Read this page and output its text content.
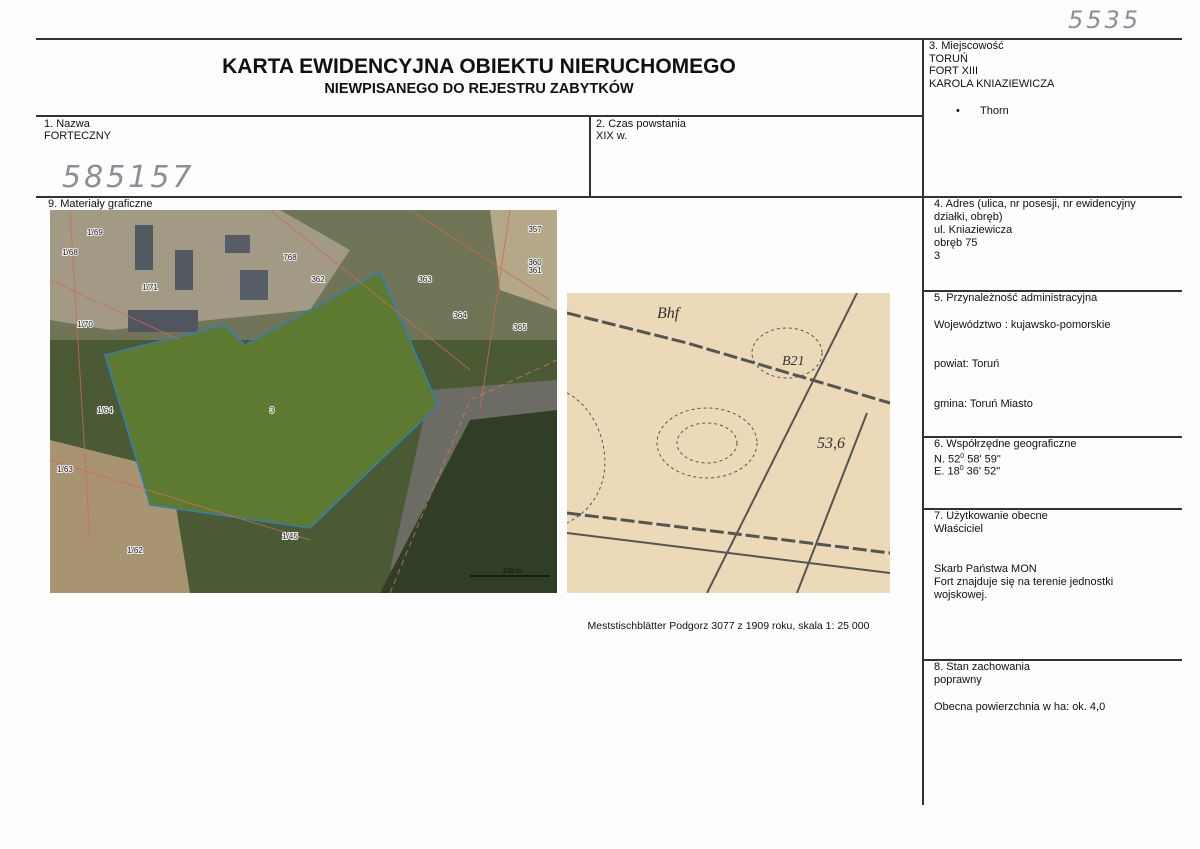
5535
585157
KARTA EWIDENCYJNA OBIEKTU NIERUCHOMEGO
NIEWPISANEGO DO REJESTRU ZABYTKÓW
1. Nazwa
FORTECZNY
2. Czas powstania
XIX w.
3. Miejscowość
TORUŃ
FORT XIII
KAROLA KNIAZIEWICZA
• Thorn
4. Adres (ulica, nr posesji, nr ewidencyjny działki, obręb)
ul. Kniaziewicza
obręb 75
3
5. Przynależność administracyjna
Województwo : kujawsko-pomorskie
powiat: Toruń
gmina: Toruń Miasto
6. Współrzędne geograficzne
N. $52^0$ 58' 59"
E. $18^0$ 36' 52"
7. Użytkowanie obecne
Właściciel
Skarb Państwa MON
Fort znajduje się na terenie jednostki wojskowej.
8. Stan zachowania
poprawny
Obecna powierzchnia w ha: ok. 4,0
9. Materiały graficzne
1/69
1/68
768
357
360
361
363
362
1/71
1/70
364
365
3
1/64
1/63
1/45
1/62
100 m
Bhf
B21
53,6
Meststischblätter Podgorz 3077 z 1909 roku, skala 1: 25 000
